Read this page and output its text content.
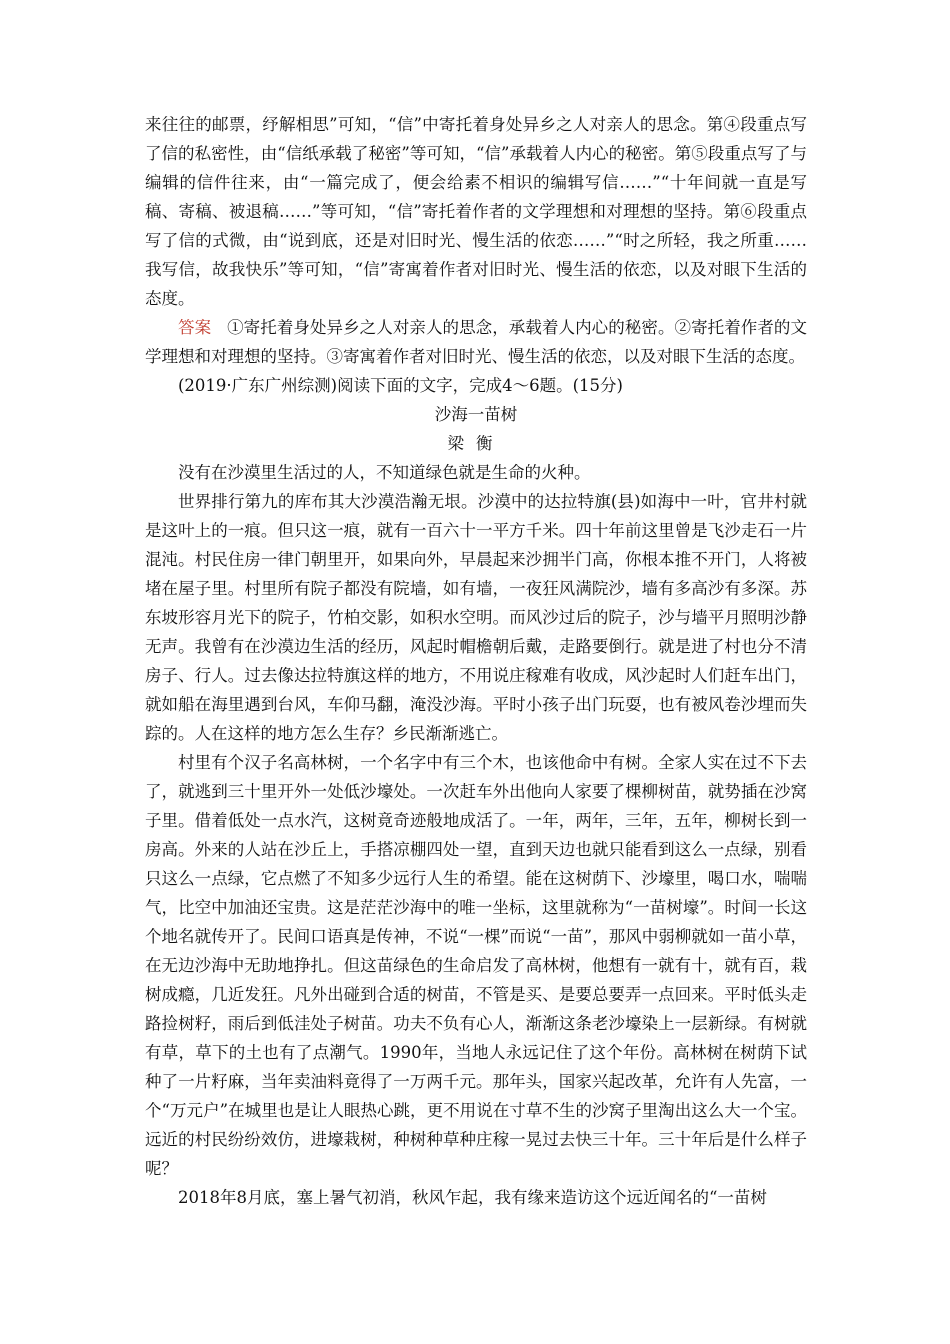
来往往的邮票，纾解相思”可知，“信”中寄托着身处异乡之人对亲人的思念。第④段重点写了信的私密性，由“信纸承载了秘密”等可知，“信”承载着人内心的秘密。第⑤段重点写了与编辑的信件往来，由“一篇完成了，便会给素不相识的编辑写信……”“十年间就一直是写稿、寄稿、被退稿……”等可知，“信”寄托着作者的文学理想和对理想的坚持。第⑥段重点写了信的式微，由“说到底，还是对旧时光、慢生活的依恋……”“时之所轻，我之所重……我写信，故我快乐”等可知，“信”寄寓着作者对旧时光、慢生活的依恋，以及对眼下生活的态度。

答案 ①寄托着身处异乡之人对亲人的思念，承载着人内心的秘密。②寄托着作者的文学理想和对理想的坚持。③寄寓着作者对旧时光、慢生活的依恋，以及对眼下生活的态度。

(2019·广东广州综测)阅读下面的文字，完成4～6题。(15分)

沙海一苗树

梁衡

没有在沙漠里生活过的人，不知道绿色就是生命的火种。

世界排行第九的库布其大沙漠浩瀚无垠。沙漠中的达拉特旗(县)如海中一叶，官井村就是这叶上的一痕。但只这一痕，就有一百六十一平方千米。四十年前这里曾是飞沙走石一片混沌。村民住房一律门朝里开，如果向外，早晨起来沙拥半门高，你根本推不开门，人将被堵在屋子里。村里所有院子都没有院墙，如有墙，一夜狂风满院沙，墙有多高沙有多深。苏东坡形容月光下的院子，竹柏交影，如积水空明。而风沙过后的院子，沙与墙平月照明沙静无声。我曾有在沙漠边生活的经历，风起时帽檐朝后戴，走路要倒行。就是进了村也分不清房子、行人。过去像达拉特旗这样的地方，不用说庄稼难有收成，风沙起时人们赶车出门，就如船在海里遇到台风，车仰马翻，淹没沙海。平时小孩子出门玩耍，也有被风卷沙埋而失踪的。人在这样的地方怎么生存？乡民渐渐逃亡。

村里有个汉子名高林树，一个名字中有三个木，也该他命中有树。全家人实在过不下去了，就逃到三十里开外一处低沙壕处。一次赶车外出他向人家要了棵柳树苗，就势插在沙窝子里。借着低处一点水汽，这树竟奇迹般地成活了。一年，两年，三年，五年，柳树长到一房高。外来的人站在沙丘上，手搭凉棚四处一望，直到天边也就只能看到这么一点绿，别看只这么一点绿，它点燃了不知多少远行人生的希望。能在这树荫下、沙壕里，喝口水，喘喘气，比空中加油还宝贵。这是茫茫沙海中的唯一坐标，这里就称为“一苗树壕”。时间一长这个地名就传开了。民间口语真是传神，不说“一棵”而说“一苗”，那风中弱柳就如一苗小草，在无边沙海中无助地挣扎。但这苗绿色的生命启发了高林树，他想有一就有十，就有百，栽树成瘾，几近发狂。凡外出碰到合适的树苗，不管是买、是要总要弄一点回来。平时低头走路捡树籽，雨后到低洼处子树苗。功夫不负有心人，渐渐这条老沙壕染上一层新绿。有树就有草，草下的土也有了点潮气。1990年，当地人永远记住了这个年份。高林树在树荫下试种了一片籽麻，当年卖油料竟得了一万两千元。那年头，国家兴起改革，允许有人先富，一个“万元户”在城里也是让人眼热心跳，更不用说在寸草不生的沙窝子里淘出这么大一个宝。远近的村民纷纷效仿，进壕栽树，种树种草种庄稼一晃过去快三十年。三十年后是什么样子呢？

2018年8月底，塞上暑气初消，秋风乍起，我有缘来造访这个远近闻名的“一苗树
